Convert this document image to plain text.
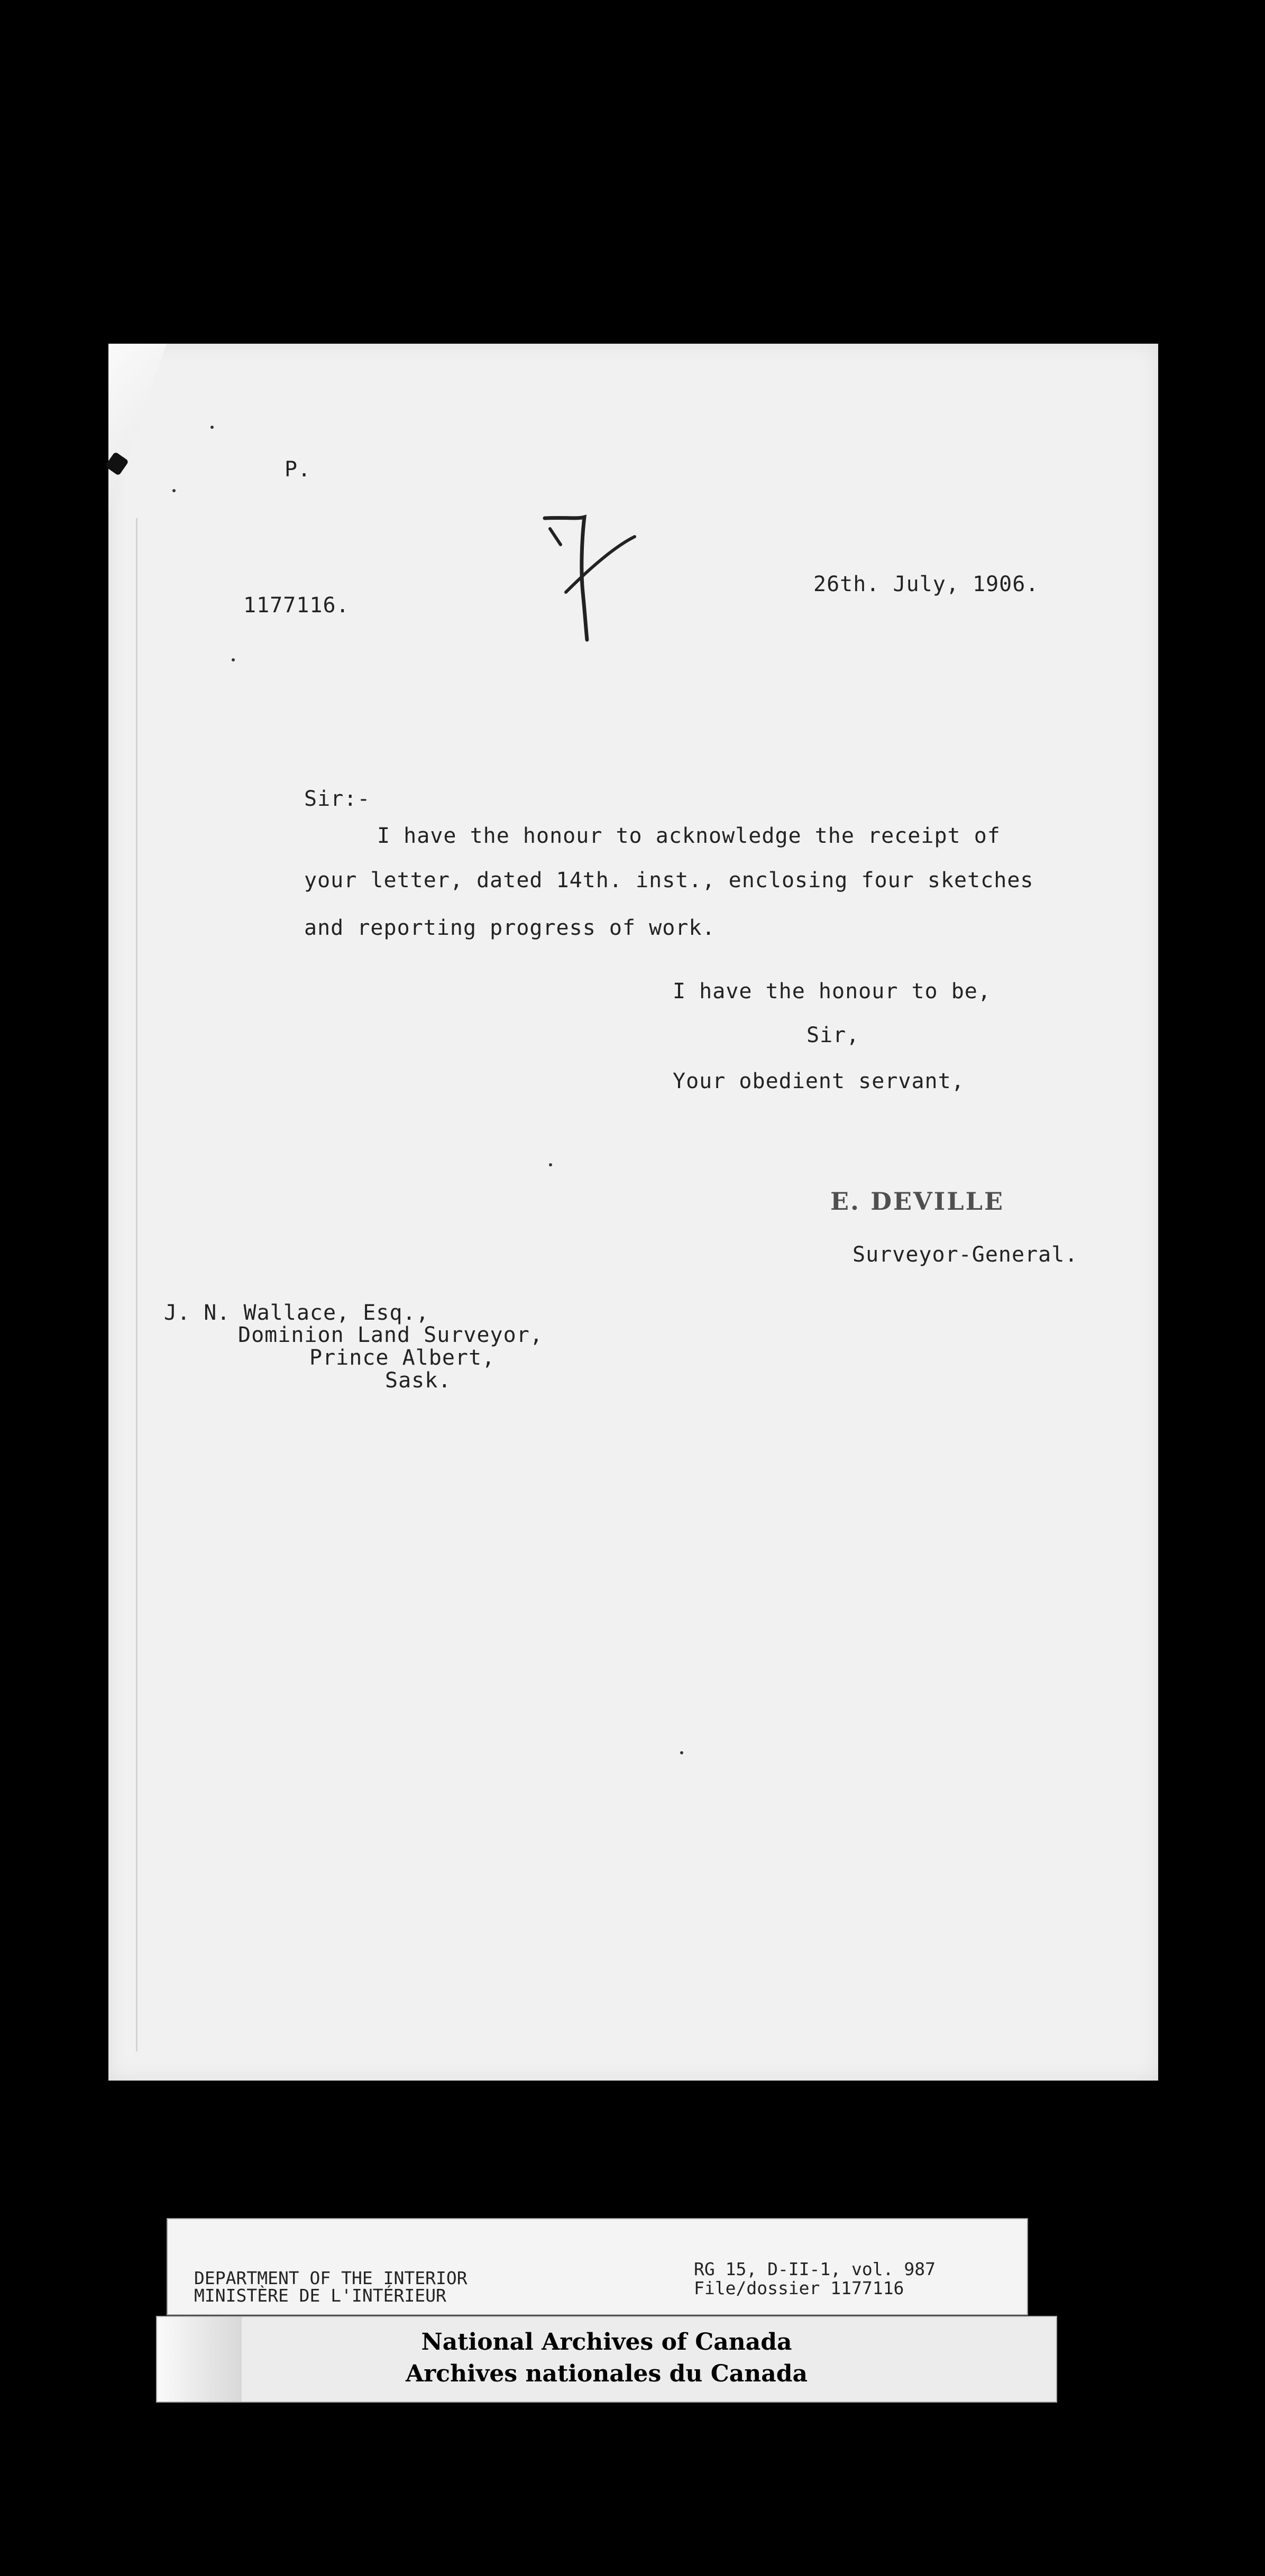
P.
26th. July, 1906.
1177116.
Sir:-
I have the honour to acknowledge the receipt of
your letter, dated 14th. inst., enclosing four sketches
and reporting progress of work.
I have the honour to be,
Sir,
Your obedient servant,
E. DEVILLE
Surveyor-General.
J. N. Wallace, Esq.,
Dominion Land Surveyor,
Prince Albert,
Sask.
DEPARTMENT OF THE INTERIOR
MINISTÈRE DE L'INTÉRIEUR
RG 15, D-II-1, vol. 987
File/dossier 1177116
National Archives of Canada
Archives nationales du Canada
